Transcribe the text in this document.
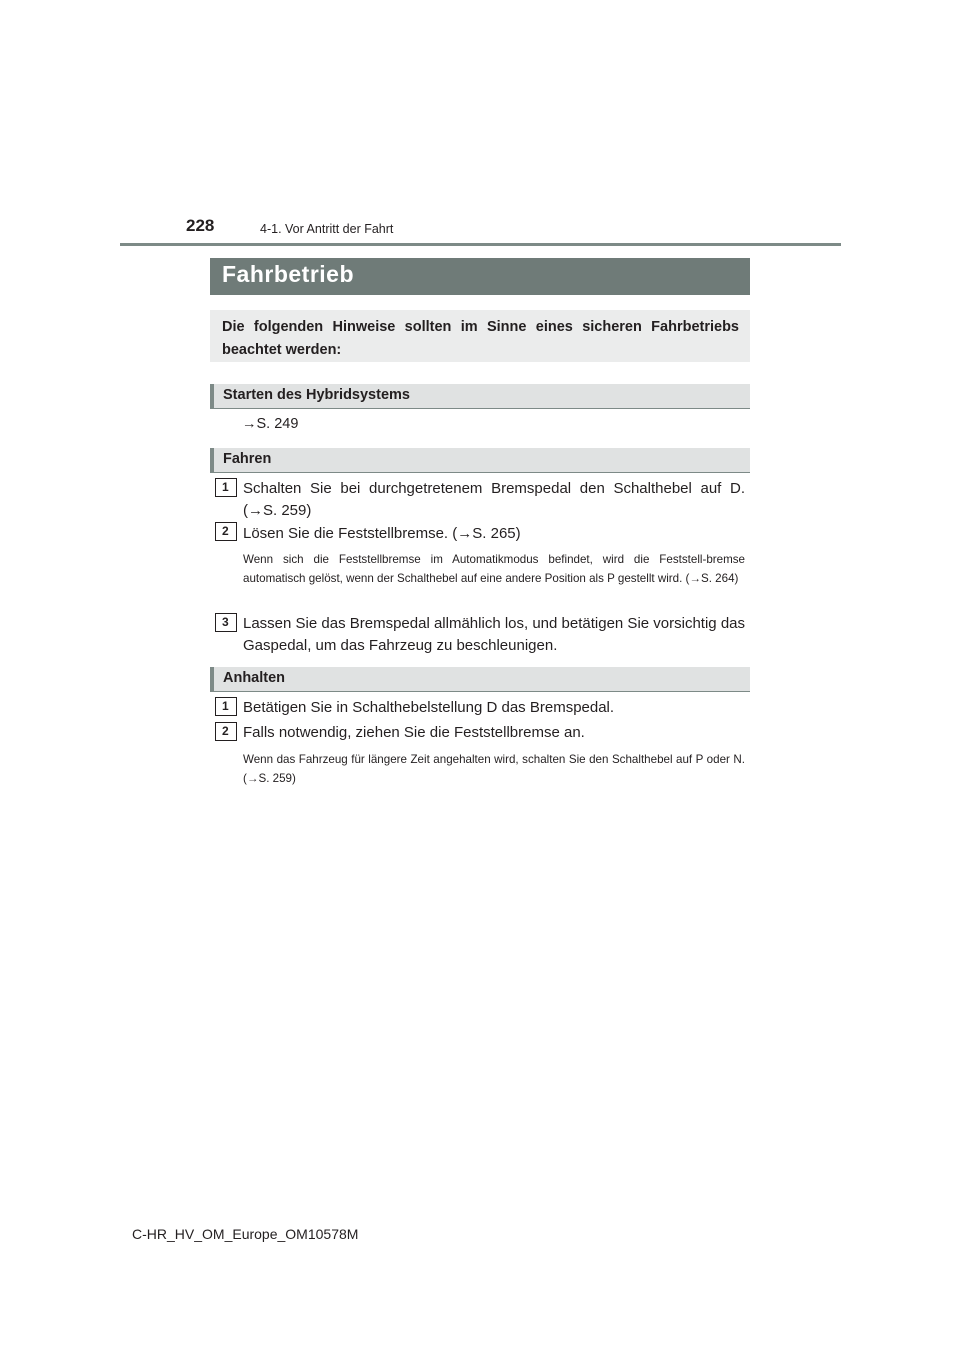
228	4-1. Vor Antritt der Fahrt
Fahrbetrieb

Die folgenden Hinweise sollten im Sinne eines sicheren Fahrbetriebs beachtet werden:

Starten des Hybridsystems
→S. 249
Fahren
1 Schalten Sie bei durchgetretenem Bremspedal den Schalthebel auf D. (→S. 259)

2 Lösen Sie die Feststellbremse. (→S. 265)

Wenn sich die Feststellbremse im Automatikmodus befindet, wird die Feststell-bremse automatisch gelöst, wenn der Schalthebel auf eine andere Position als P gestellt wird. (→S. 264)

3 Lassen Sie das Bremspedal allmählich los, und betätigen Sie vorsichtig das Gaspedal, um das Fahrzeug zu beschleunigen.

Anhalten
1 Betätigen Sie in Schalthebelstellung D das Bremspedal.

2 Falls notwendig, ziehen Sie die Feststellbremse an.

Wenn das Fahrzeug für längere Zeit angehalten wird, schalten Sie den Schalthebel auf P oder N. (→S. 259)

C-HR_HV_OM_Europe_OM10578M
